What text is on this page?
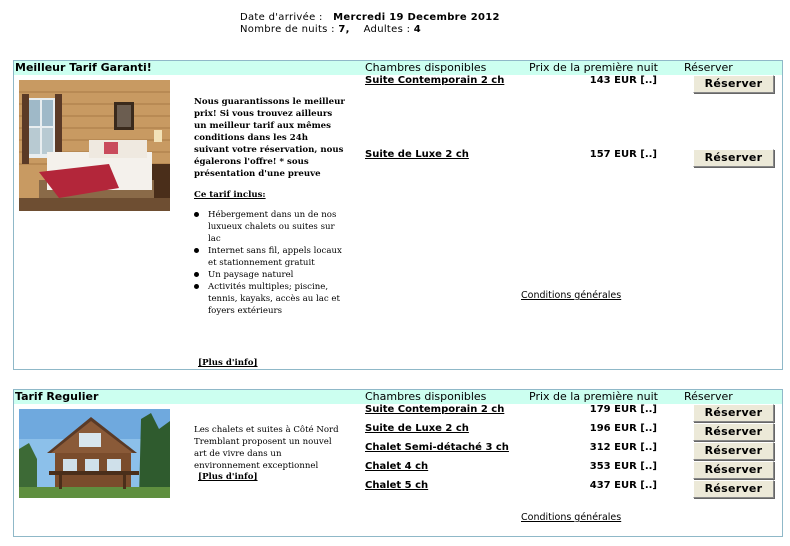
Date d'arrivée : Mercredi 19 Decembre 2012
Nombre de nuits : 7, Adultes : 4
Meilleur Tarif Garanti!	Chambres disponibles	Prix de la première nuit Réserver
Nous guarantissons le meilleur prix! Si vous trouvez ailleurs un meilleur tarif aux mêmes conditions dans les 24h suivant votre réservation, nous égalerons l'offre! * sous présentation d'une preuve
Ce tarif inclus:
Hébergement dans un de nos luxueux chalets ou suites sur lac
Internet sans fil, appels locaux et stationnement gratuit
Un paysage naturel
Activités multiples; piscine, tennis, kayaks, accès au lac et foyers extérieurs
[Plus d'info]
Suite Contemporain 2 ch	143 EUR [..]	Réserver
Suite de Luxe 2 ch	157 EUR [..]	Réserver
Conditions générales
Tarif Regulier	Chambres disponibles	Prix de la première nuit Réserver
Les chalets et suites à Côté Nord Tremblant proposent un nouvel art de vivre dans un environnement exceptionnel
[Plus d'info]
Suite Contemporain 2 ch	179 EUR [..]	Réserver
Suite de Luxe 2 ch	196 EUR [..]	Réserver
Chalet Semi-détaché 3 ch	312 EUR [..]	Réserver
Chalet 4 ch	353 EUR [..]	Réserver
Chalet 5 ch	437 EUR [..]	Réserver
Conditions générales
